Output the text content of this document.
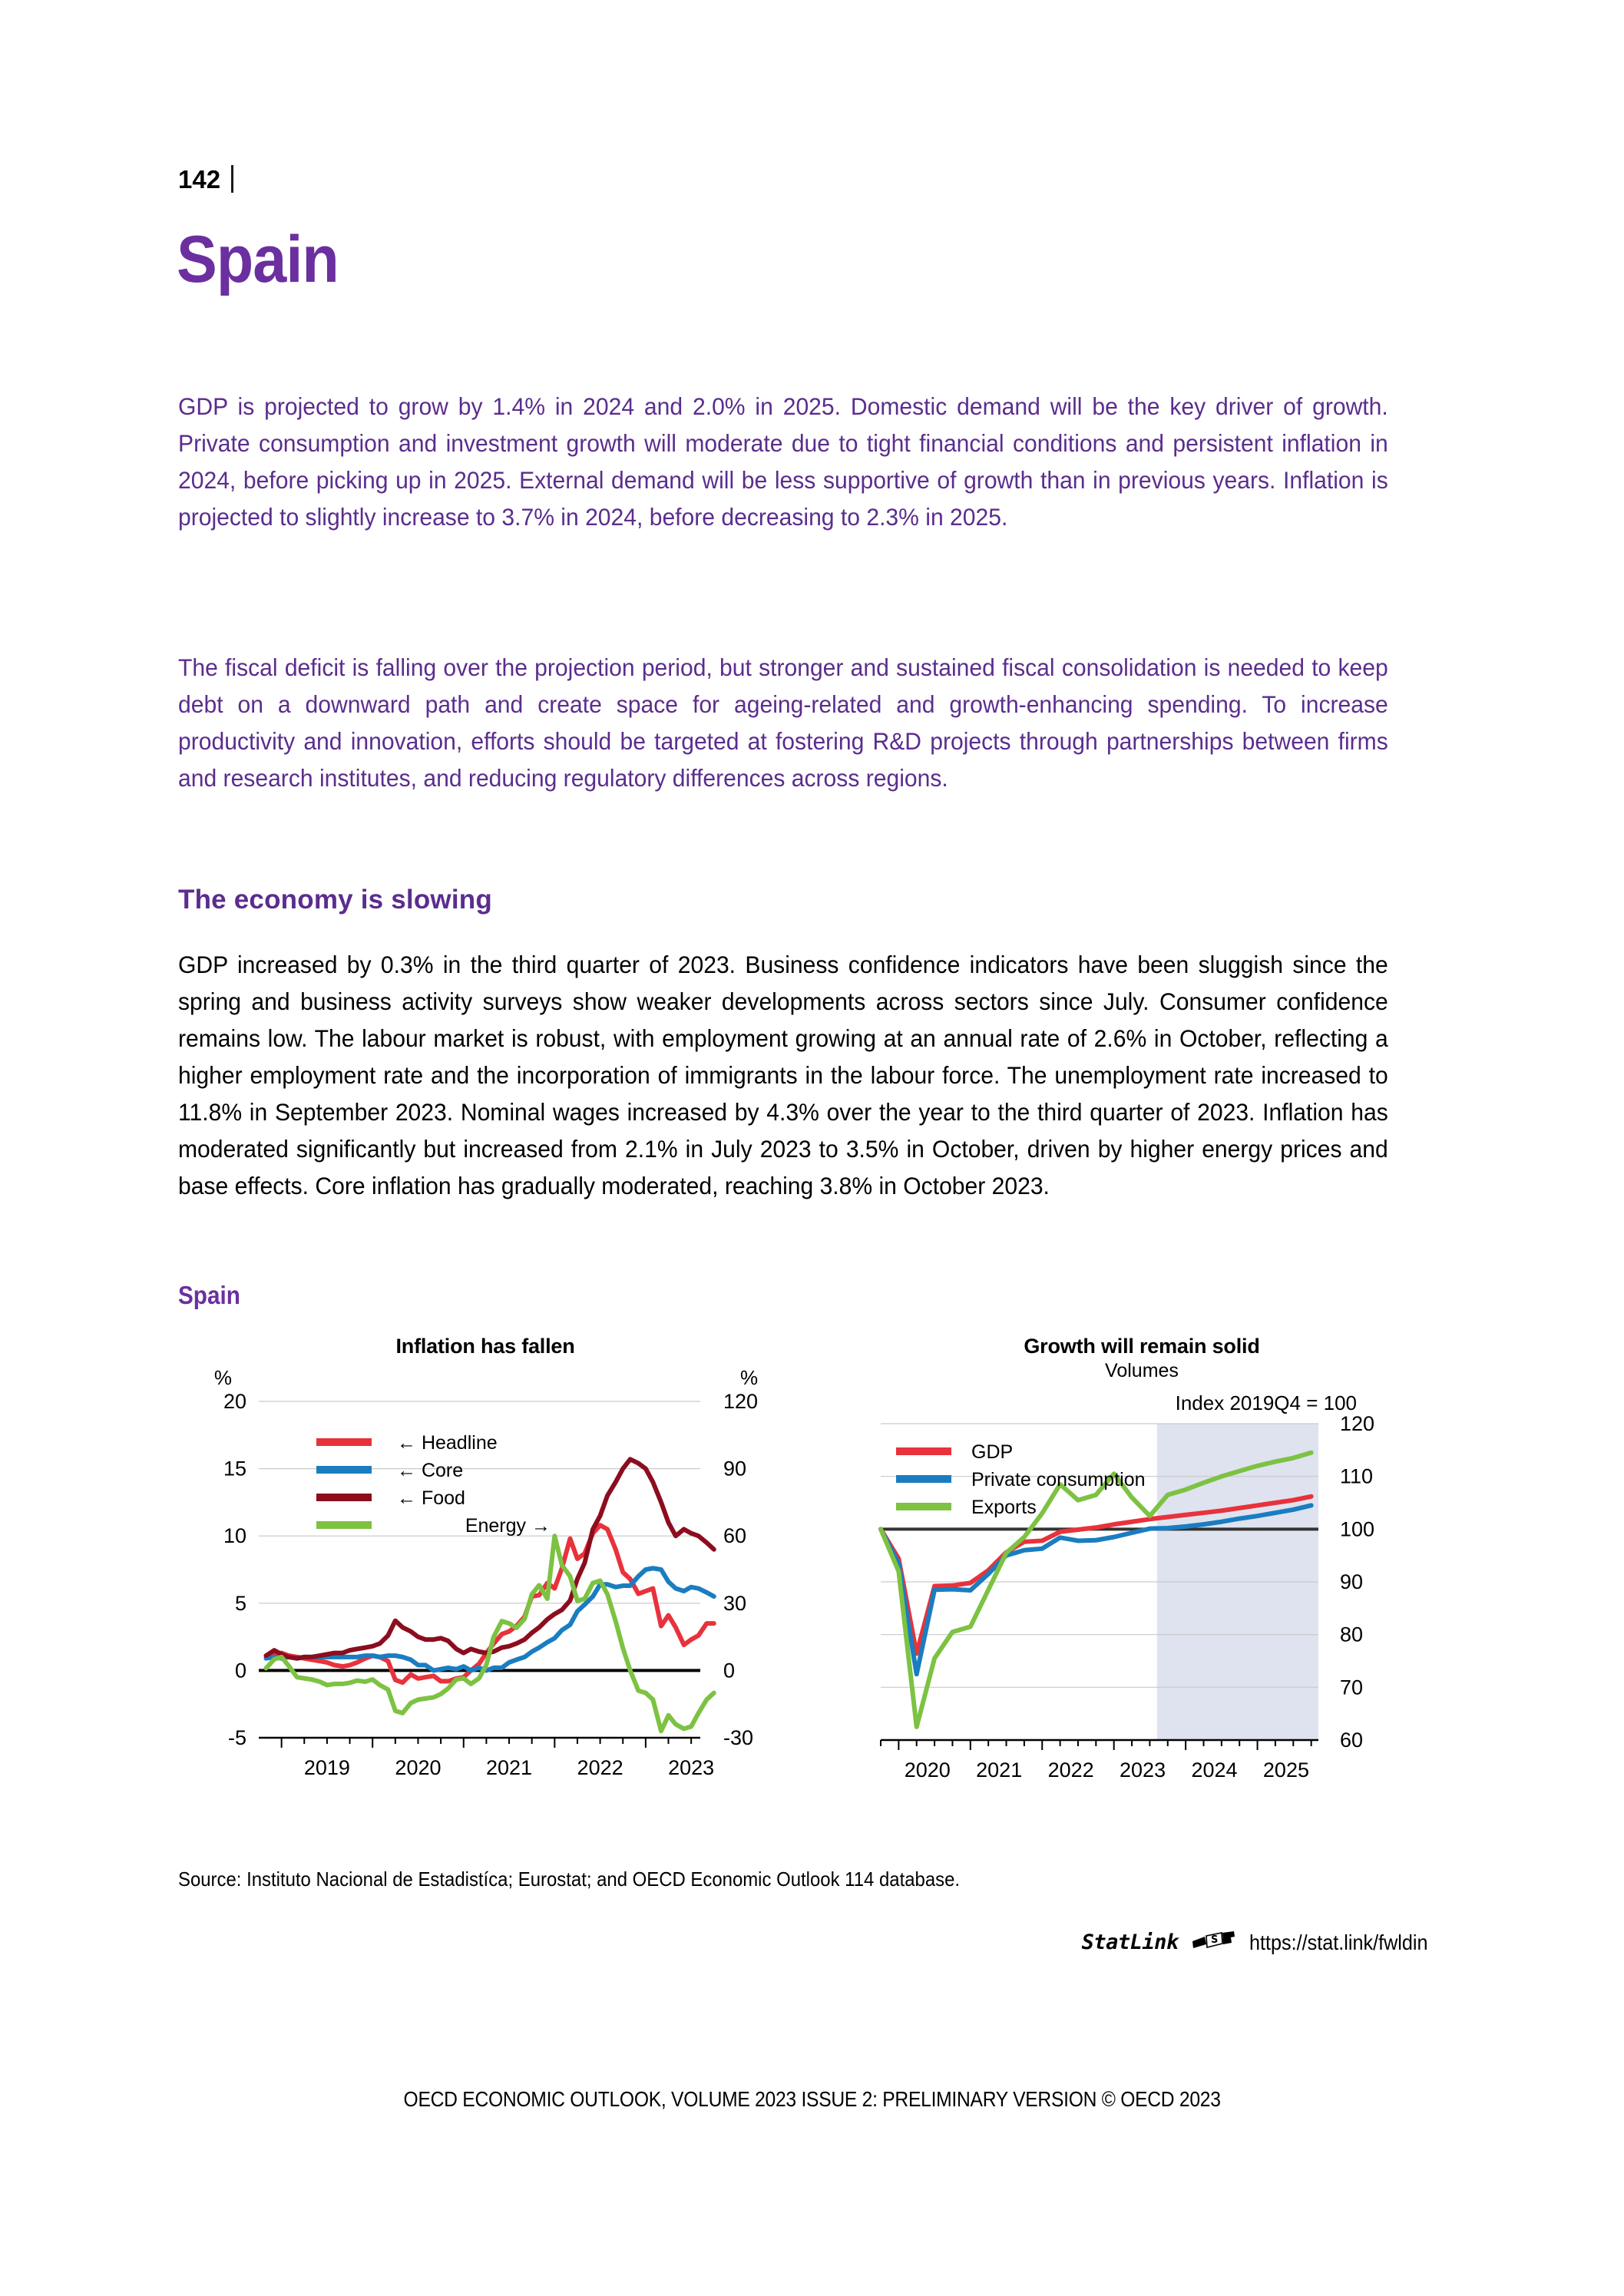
142
Spain
GDP is projected to grow by 1.4% in 2024 and 2.0% in 2025. Domestic demand will be the key driver of growth. Private consumption and investment growth will moderate due to tight financial conditions and persistent inflation in 2024, before picking up in 2025. External demand will be less supportive of growth than in previous years. Inflation is projected to slightly increase to 3.7% in 2024, before decreasing to 2.3% in 2025.
The fiscal deficit is falling over the projection period, but stronger and sustained fiscal consolidation is needed to keep debt on a downward path and create space for ageing-related and growth-enhancing spending. To increase productivity and innovation, efforts should be targeted at fostering R&D projects through partnerships between firms and research institutes, and reducing regulatory differences across regions.
The economy is slowing
GDP increased by 0.3% in the third quarter of 2023. Business confidence indicators have been sluggish since the spring and business activity surveys show weaker developments across sectors since July. Consumer confidence remains low. The labour market is robust, with employment growing at an annual rate of 2.6% in October, reflecting a higher employment rate and the incorporation of immigrants in the labour force. The unemployment rate increased to 11.8% in September 2023. Nominal wages increased by 4.3% over the year to the third quarter of 2023. Inflation has moderated significantly but increased from 2.1% in July 2023 to 3.5% in October, driven by higher energy prices and base effects. Core inflation has gradually moderated, reaching 3.8% in October 2023.
Spain
Inflation has fallen
%	%
0
5
10
15
20
-5	-30
0
30
60
90
120
2019 2020 2021 2022 2023
← Headline
← Core
← Food
Energy →
Growth will remain solid
Volumes
Index 2019Q4 = 100
60
70
80
90
100
110
120
2020 2021 2022 2023 2024 2025
GDP
Private consumption
Exports
Source: Instituto Nacional de Estadistíca; Eurostat; and OECD Economic Outlook 114 database.
StatLink	S https://stat.link/fwldin
OECD ECONOMIC OUTLOOK, VOLUME 2023 ISSUE 2: PRELIMINARY VERSION © OECD 2023
